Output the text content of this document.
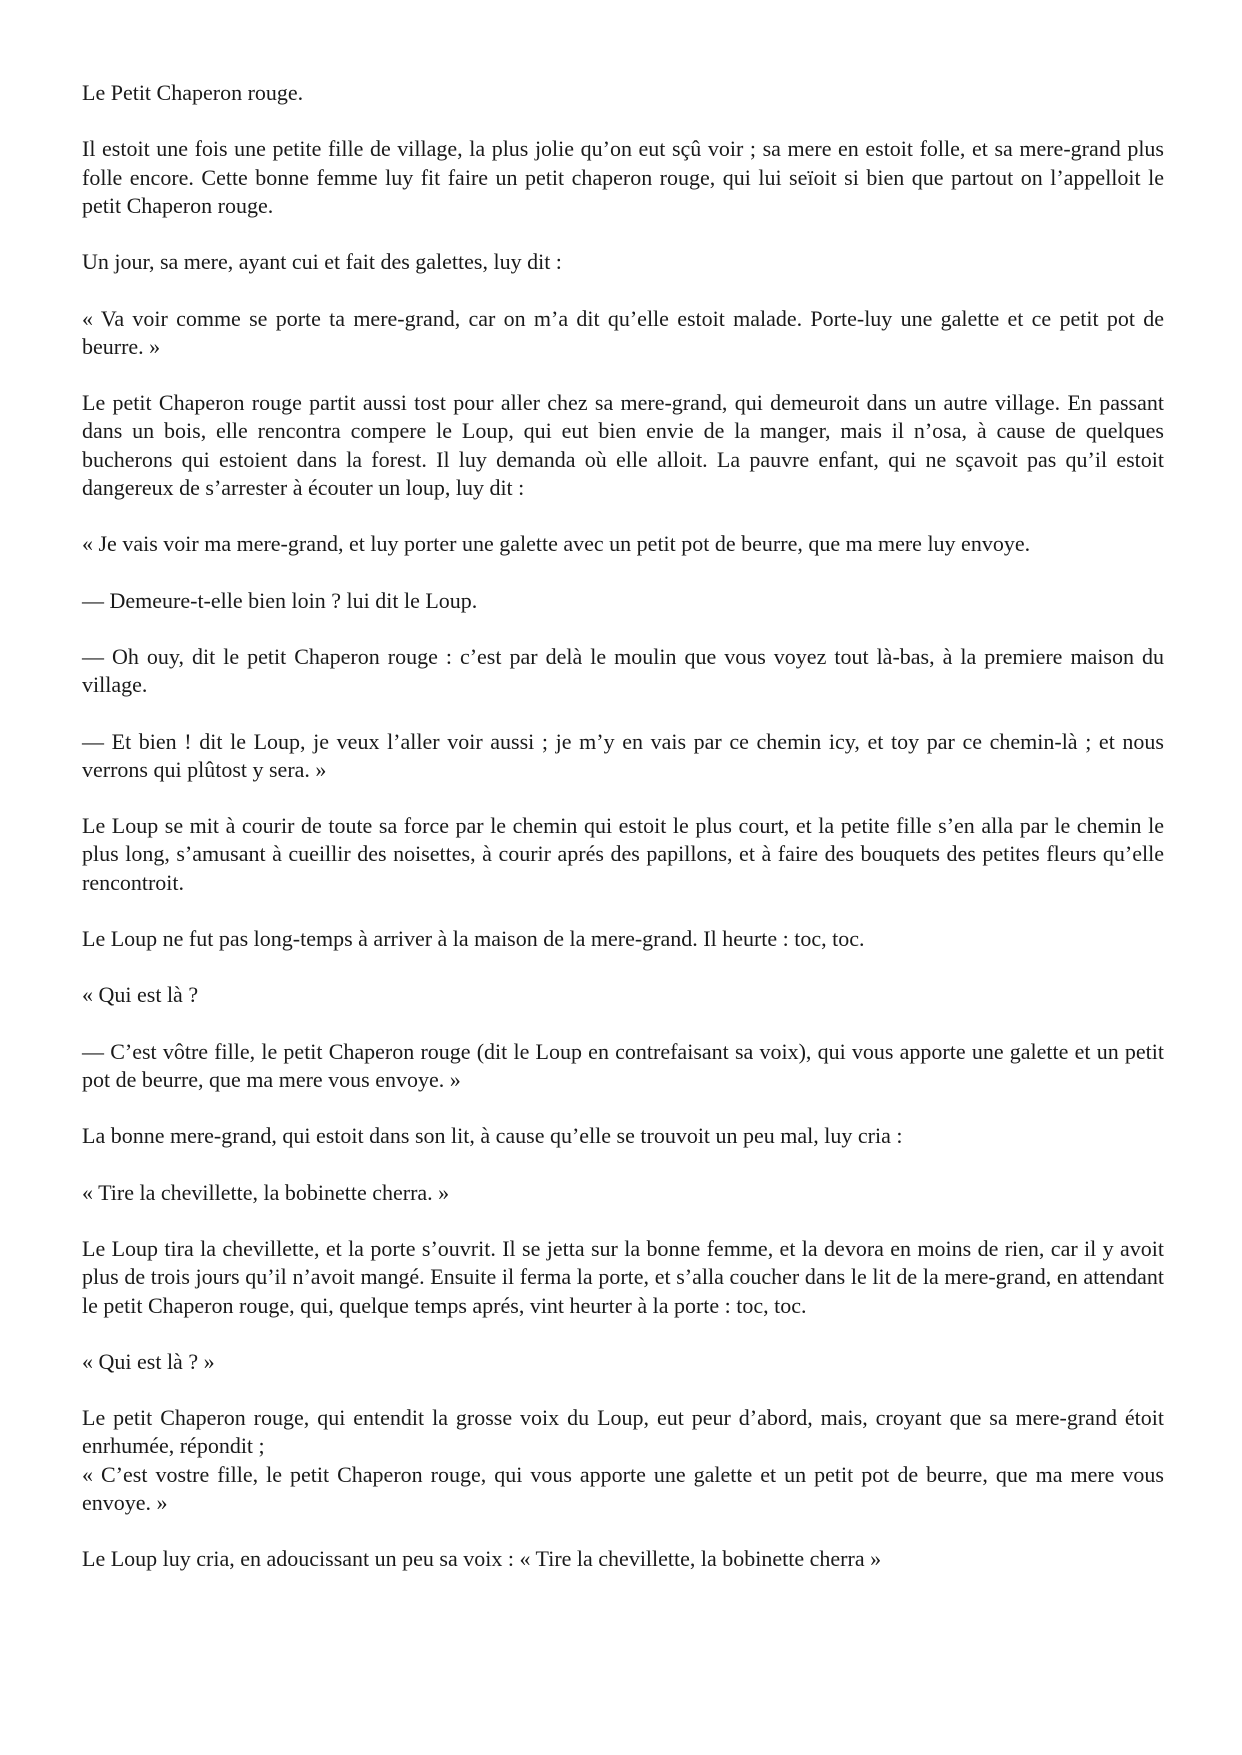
Le Petit Chaperon rouge.

Il estoit une fois une petite fille de village, la plus jolie qu’on eut sçû voir ; sa mere en estoit folle, et sa mere-grand plus folle encore. Cette bonne femme luy fit faire un petit chaperon rouge, qui lui seïoit si bien que partout on l’appelloit le petit Chaperon rouge.

Un jour, sa mere, ayant cui et fait des galettes, luy dit :

« Va voir comme se porte ta mere-grand, car on m’a dit qu’elle estoit malade. Porte-luy une galette et ce petit pot de beurre. »

Le petit Chaperon rouge partit aussi tost pour aller chez sa mere-grand, qui demeuroit dans un autre village. En passant dans un bois, elle rencontra compere le Loup, qui eut bien envie de la manger, mais il n’osa, à cause de quelques bucherons qui estoient dans la forest. Il luy demanda où elle alloit. La pauvre enfant, qui ne sçavoit pas qu’il estoit dangereux de s’arrester à écouter un loup, luy dit :

« Je vais voir ma mere-grand, et luy porter une galette avec un petit pot de beurre, que ma mere luy envoye.

— Demeure-t-elle bien loin ? lui dit le Loup.

— Oh ouy, dit le petit Chaperon rouge : c’est par delà le moulin que vous voyez tout là-bas, à la premiere maison du village.

— Et bien ! dit le Loup, je veux l’aller voir aussi ; je m’y en vais par ce chemin icy, et toy par ce chemin-là ; et nous verrons qui plûtost y sera. »

Le Loup se mit à courir de toute sa force par le chemin qui estoit le plus court, et la petite fille s’en alla par le chemin le plus long, s’amusant à cueillir des noisettes, à courir aprés des papillons, et à faire des bouquets des petites fleurs qu’elle rencontroit.

Le Loup ne fut pas long-temps à arriver à la maison de la mere-grand. Il heurte : toc, toc.

« Qui est là ?

— C’est vôtre fille, le petit Chaperon rouge (dit le Loup en contrefaisant sa voix), qui vous apporte une galette et un petit pot de beurre, que ma mere vous envoye. »

La bonne mere-grand, qui estoit dans son lit, à cause qu’elle se trouvoit un peu mal, luy cria :

« Tire la chevillette, la bobinette cherra. »

Le Loup tira la chevillette, et la porte s’ouvrit. Il se jetta sur la bonne femme, et la devora en moins de rien, car il y avoit plus de trois jours qu’il n’avoit mangé. Ensuite il ferma la porte, et s’alla coucher dans le lit de la mere-grand, en attendant le petit Chaperon rouge, qui, quelque temps aprés, vint heurter à la porte : toc, toc.

« Qui est là ? »

Le petit Chaperon rouge, qui entendit la grosse voix du Loup, eut peur d’abord, mais, croyant que sa mere-grand étoit enrhumée, répondit ;

« C’est vostre fille, le petit Chaperon rouge, qui vous apporte une galette et un petit pot de beurre, que ma mere vous envoye. »

Le Loup luy cria, en adoucissant un peu sa voix : « Tire la chevillette, la bobinette cherra »
